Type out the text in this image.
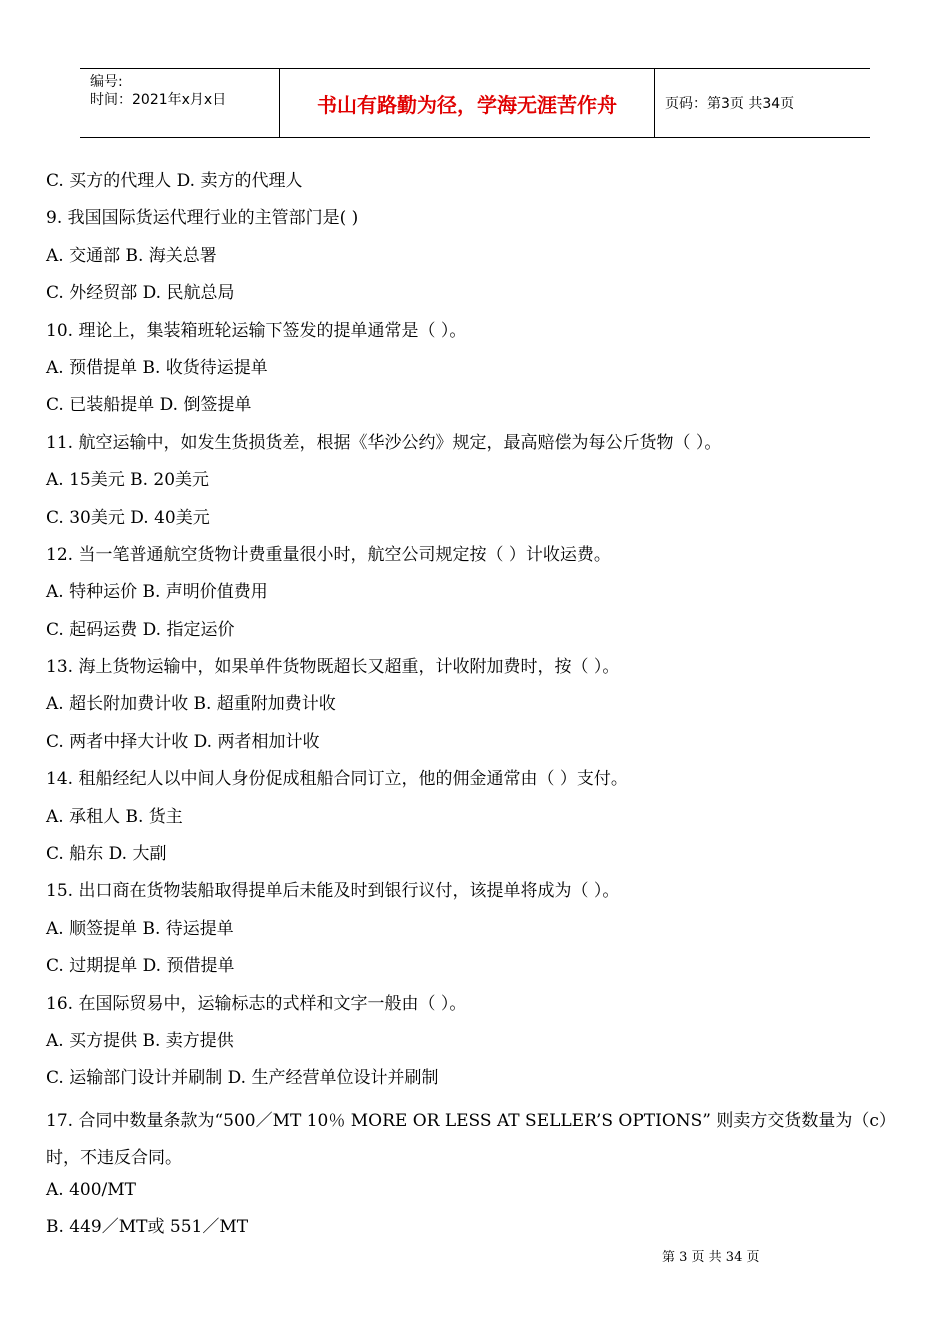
编号:
时间：2021年x月x日	书山有路勤为径，学海无涯苦作舟	页码：第3页 共34页
C. 买方的代理人 D. 卖方的代理人
9. 我国国际货运代理行业的主管部门是( )
A. 交通部 B. 海关总署
C. 外经贸部 D. 民航总局
10. 理论上，集装箱班轮运输下签发的提单通常是（ ）。
A. 预借提单 B. 收货待运提单
C. 已装船提单 D. 倒签提单
11. 航空运输中，如发生货损货差，根据《华沙公约》规定，最高赔偿为每公斤货物（ ）。
A. 15美元 B. 20美元
C. 30美元 D. 40美元
12. 当一笔普通航空货物计费重量很小时，航空公司规定按（ ）计收运费。
A. 特种运价 B. 声明价值费用
C. 起码运费 D. 指定运价
13. 海上货物运输中，如果单件货物既超长又超重，计收附加费时，按（ ）。
A. 超长附加费计收 B. 超重附加费计收
C. 两者中择大计收 D. 两者相加计收
14. 租船经纪人以中间人身份促成租船合同订立，他的佣金通常由（ ）支付。
A. 承租人 B. 货主
C. 船东 D. 大副
15. 出口商在货物装船取得提单后未能及时到银行议付，该提单将成为（ ）。
A. 顺签提单 B. 待运提单
C. 过期提单 D. 预借提单
16. 在国际贸易中，运输标志的式样和文字一般由（ ）。
A. 买方提供 B. 卖方提供
C. 运输部门设计并刷制 D. 生产经营单位设计并刷制
17. 合同中数量条款为“500／MT 10％ MORE OR LESS AT SELLER’S OPTIONS” 则卖方交货数量为（c）时，不违反合同。
A. 400/MT
B. 449／MT或 551／MT
第 3 页 共 34 页
